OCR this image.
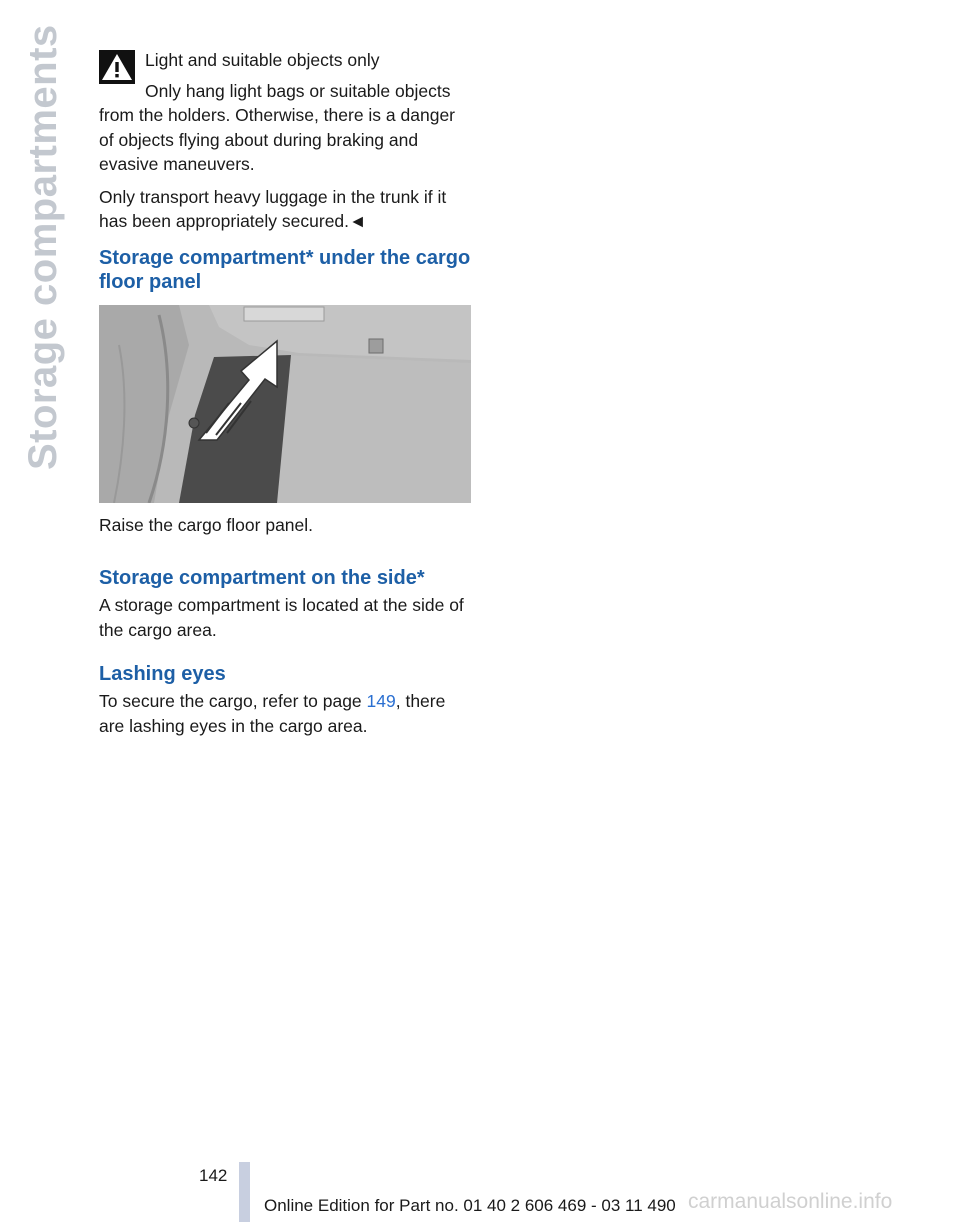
Storage compartments	Light and suitable objects only

Only hang light bags or suitable objects

from the holders. Otherwise, there is a danger of objects flying about during braking and evasive maneuvers.

Only transport heavy luggage in the trunk if it has been appropriately secured.◄

Storage compartment* under the cargo floor panel

Raise the cargo floor panel.

Storage compartment on the side*

A storage compartment is located at the side of the cargo area.

Lashing eyes

To secure the cargo, refer to page 149, there are lashing eyes in the cargo area.

142
Online Edition for Part no. 01 40 2 606 469 - 03 11 490 carmanualsonline.info
